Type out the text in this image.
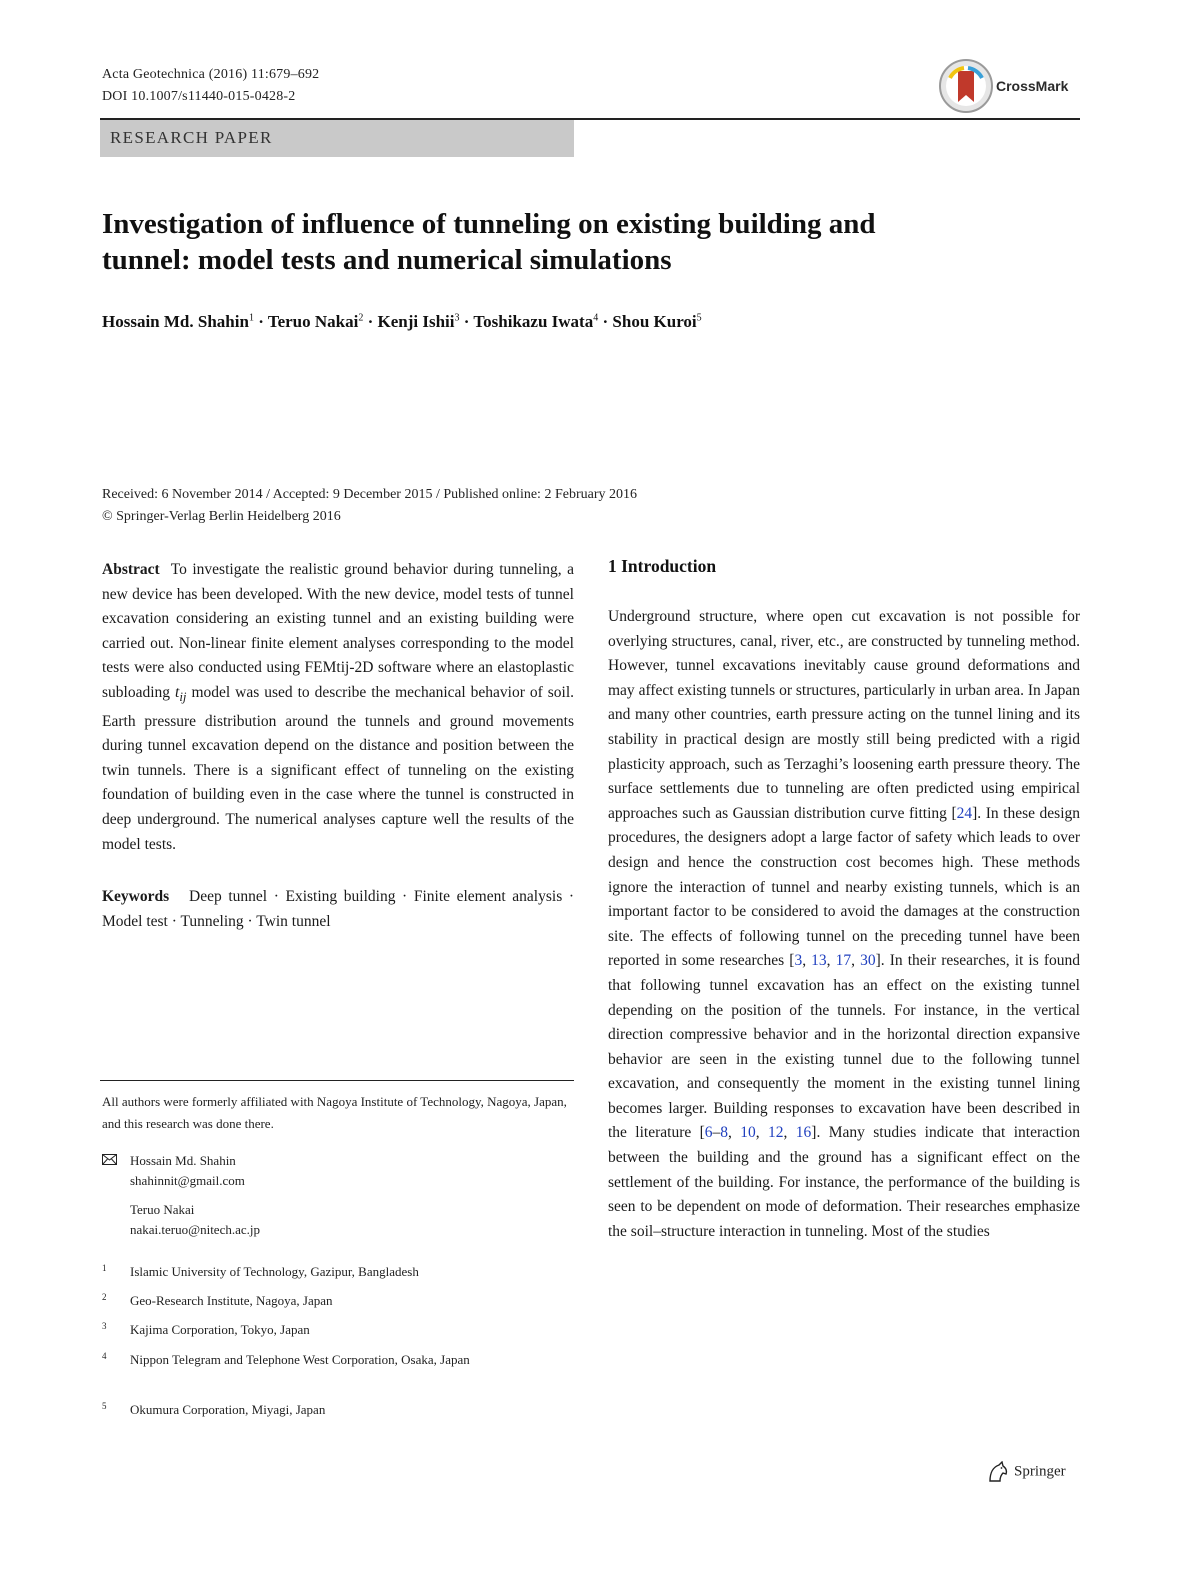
Acta Geotechnica (2016) 11:679–692
DOI 10.1007/s11440-015-0428-2
CrossMark
RESEARCH PAPER
Investigation of influence of tunneling on existing building and tunnel: model tests and numerical simulations
Hossain Md. Shahin$^1$ · Teruo Nakai$^2$ · Kenji Ishii$^3$ · Toshikazu Iwata$^4$ · Shou Kuroi$^5$
Received: 6 November 2014 / Accepted: 9 December 2015 / Published online: 2 February 2016
© Springer-Verlag Berlin Heidelberg 2016

Abstract To investigate the realistic ground behavior during tunneling, a new device has been developed. With the new device, model tests of tunnel excavation considering an existing tunnel and an existing building were carried out. Non-linear finite element analyses corresponding to the model tests were also conducted using FEMtij-2D software where an elastoplastic subloading $t_{ij}$ model was used to describe the mechanical behavior of soil. Earth pressure distribution around the tunnels and ground movements during tunnel excavation depend on the distance and position between the twin tunnels. There is a significant effect of tunneling on the existing foundation of building even in the case where the tunnel is constructed in deep underground. The numerical analyses capture well the results of the model tests.

Keywords Deep tunnel · Existing building · Finite element analysis · Model test · Tunneling · Twin tunnel
All authors were formerly affiliated with Nagoya Institute of Technology, Nagoya, Japan, and this research was done there.
Hossain Md. Shahin
shahinnit@gmail.com
Teruo Nakai
nakai.teruo@nitech.ac.jp
1 Islamic University of Technology, Gazipur, Bangladesh
2 Geo-Research Institute, Nagoya, Japan
3 Kajima Corporation, Tokyo, Japan
4 Nippon Telegram and Telephone West Corporation, Osaka, Japan
5 Okumura Corporation, Miyagi, Japan
1 Introduction
Underground structure, where open cut excavation is not possible for overlying structures, canal, river, etc., are constructed by tunneling method. However, tunnel excavations inevitably cause ground deformations and may affect existing tunnels or structures, particularly in urban area. In Japan and many other countries, earth pressure acting on the tunnel lining and its stability in practical design are mostly still being predicted with a rigid plasticity approach, such as Terzaghi’s loosening earth pressure theory. The surface settlements due to tunneling are often predicted using empirical approaches such as Gaussian distribution curve fitting [24]. In these design procedures, the designers adopt a large factor of safety which leads to over design and hence the construction cost becomes high. These methods ignore the interaction of tunnel and nearby existing tunnels, which is an important factor to be considered to avoid the damages at the construction site. The effects of following tunnel on the preceding tunnel have been reported in some researches [3, 13, 17, 30]. In their researches, it is found that following tunnel excavation has an effect on the existing tunnel depending on the position of the tunnels. For instance, in the vertical direction compressive behavior and in the horizontal direction expansive behavior are seen in the existing tunnel due to the following tunnel excavation, and consequently the moment in the existing tunnel lining becomes larger. Building responses to excavation have been described in the literature [6–8, 10, 12, 16]. Many studies indicate that interaction between the building and the ground has a significant effect on the settlement of the building. For instance, the performance of the building is seen to be dependent on mode of deformation. Their researches emphasize the soil–structure interaction in tunneling. Most of the studies
Springer
